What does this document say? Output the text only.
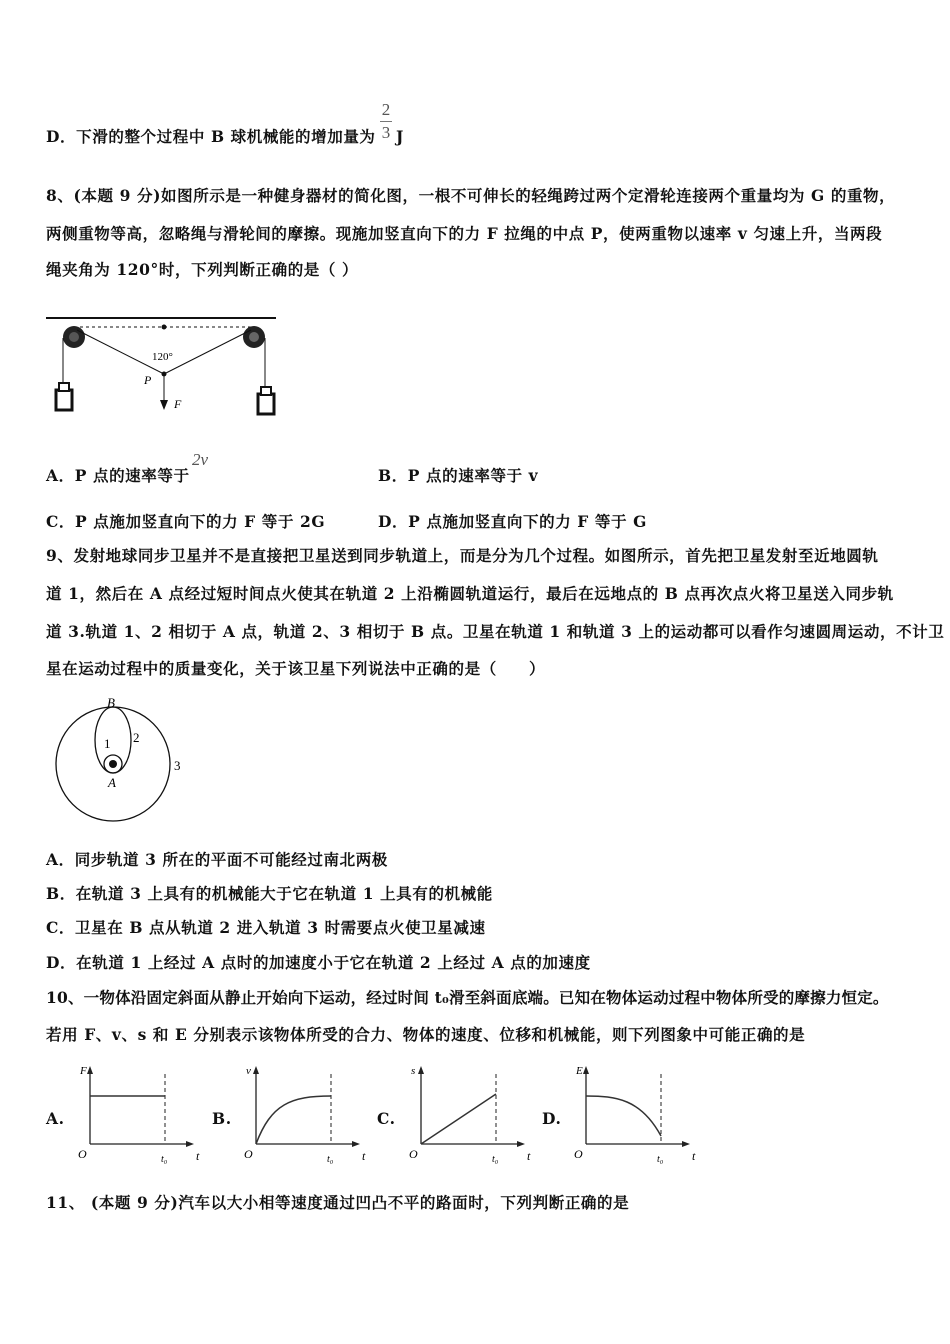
D．下滑的整个过程中 B 球机械能的增加量为
2
3 J
8、(本题 9 分)如图所示是一种健身器材的简化图，一根不可伸长的轻绳跨过两个定滑轮连接两个重量均为 G 的重物，
两侧重物等高，忽略绳与滑轮间的摩擦。现施加竖直向下的力 F 拉绳的中点 P，使两重物以速率 v 匀速上升，当两段
绳夹角为 120°时，下列判断正确的是（ ）
120°
P
F
A．P 点的速率等于
2v
B．P 点的速率等于 v
C．P 点施加竖直向下的力 F 等于 2G	D．P 点施加竖直向下的力 F 等于 G
9、发射地球同步卫星并不是直接把卫星送到同步轨道上，而是分为几个过程。如图所示，首先把卫星发射至近地圆轨
道 1，然后在 A 点经过短时间点火使其在轨道 2 上沿椭圆轨道运行，最后在远地点的 B 点再次点火将卫星送入同步轨
道 3.轨道 1、2 相切于 A 点，轨道 2、3 相切于 B 点。卫星在轨道 1 和轨道 3 上的运动都可以看作匀速圆周运动，不计卫
星在运动过程中的质量变化，关于该卫星下列说法中正确的是（　　）
B
A
1 2
3
A．同步轨道 3 所在的平面不可能经过南北两极
B．在轨道 3 上具有的机械能大于它在轨道 1 上具有的机械能
C．卫星在 B 点从轨道 2 进入轨道 3 时需要点火使卫星减速
D．在轨道 1 上经过 A 点时的加速度小于它在轨道 2 上经过 A 点的加速度
10、一物体沿固定斜面从静止开始向下运动，经过时间 t₀滑至斜面底端。已知在物体运动过程中物体所受的摩擦力恒定。
若用 F、v、s 和 E 分别表示该物体所受的合力、物体的速度、位移和机械能，则下列图象中可能正确的是
A.
F
O	t₀ t
B.
v
O	t₀ t
C.
s
O	t₀ t
D.
E
O	t₀ t
11、 (本题 9 分)汽车以大小相等速度通过凹凸不平的路面时，下列判断正确的是
